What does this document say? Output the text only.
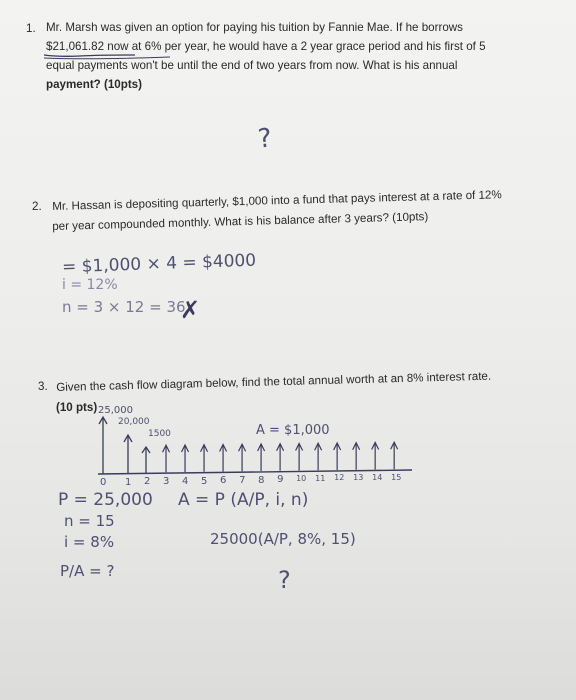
1. Mr. Marsh was given an option for paying his tuition by Fannie Mae. If he borrows
$21,061.82 now at 6% per year, he would have a 2 year grace period and his first of 5
equal payments won't be until the end of two years from now. What is his annual
payment? (10pts)
?
2. Mr. Hassan is depositing quarterly, $1,000 into a fund that pays interest at a rate of 12%
per year compounded monthly. What is his balance after 3 years? (10pts)
= $1,000 × 4 = $4000
i = 12%
n = 3 × 12 = 36
✗
3. Given the cash flow diagram below, find the total annual worth at an 8% interest rate.
(10 pts) 25,000
20,000
1500	A = $1,000
0 1 2 3 4 5 6 7 8 9 10 11 12 13 14 15
P = 25,000
n = 15
i = 8%
P/A = ?
A = P (A/P, i, n)
25000(A/P, 8%, 15)
?
